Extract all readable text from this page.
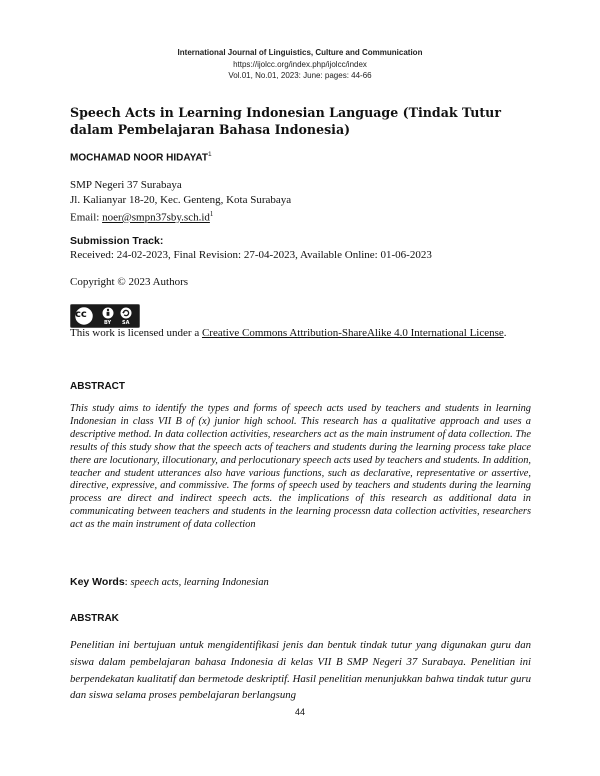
International Journal of Linguistics, Culture and Communication
https://ijolcc.org/index.php/ijolcc/index
Vol.01, No.01, 2023: June: pages: 44-66
Speech Acts in Learning Indonesian Language (Tindak Tutur dalam Pembelajaran Bahasa Indonesia)
MOCHAMAD NOOR HIDAYAT$^1$
SMP Negeri 37 Surabaya
Jl. Kalianyar 18-20, Kec. Genteng, Kota Surabaya
Email: $noer@smpn37sby.sch.id^1$
Submission Track:
Received: 24-02-2023, Final Revision: 27-04-2023, Available Online: 01-06-2023
Copyright © 2023 Authors
cc
BY SA
This work is licensed under a Creative Commons Attribution-ShareAlike 4.0 International License.
ABSTRACT
This study aims to identify the types and forms of speech acts used by teachers and students in learning Indonesian in class VII B of (x) junior high school. This research has a qualitative approach and uses a descriptive method. In data collection activities, researchers act as the main instrument of data collection. The results of this study show that the speech acts of teachers and students during the learning process take place there are locutionary, illocutionary, and perlocutionary speech acts used by teachers and students. In addition, teacher and student utterances also have various functions, such as declarative, representative or assertive, directive, expressive, and commissive. The forms of speech used by teachers and students during the learning process are direct and indirect speech acts. the implications of this research as additional data in communicating between teachers and students in the learning processn data collection activities, researchers act as the main instrument of data collection
Key Words: speech acts, learning Indonesian
ABSTRAK
Penelitian ini bertujuan untuk mengidentifikasi jenis dan bentuk tindak tutur yang digunakan guru dan siswa dalam pembelajaran bahasa Indonesia di kelas VII B SMP Negeri 37 Surabaya. Penelitian ini berpendekatan kualitatif dan bermetode deskriptif. Hasil penelitian menunjukkan bahwa tindak tutur guru dan siswa selama proses pembelajaran berlangsung
44
